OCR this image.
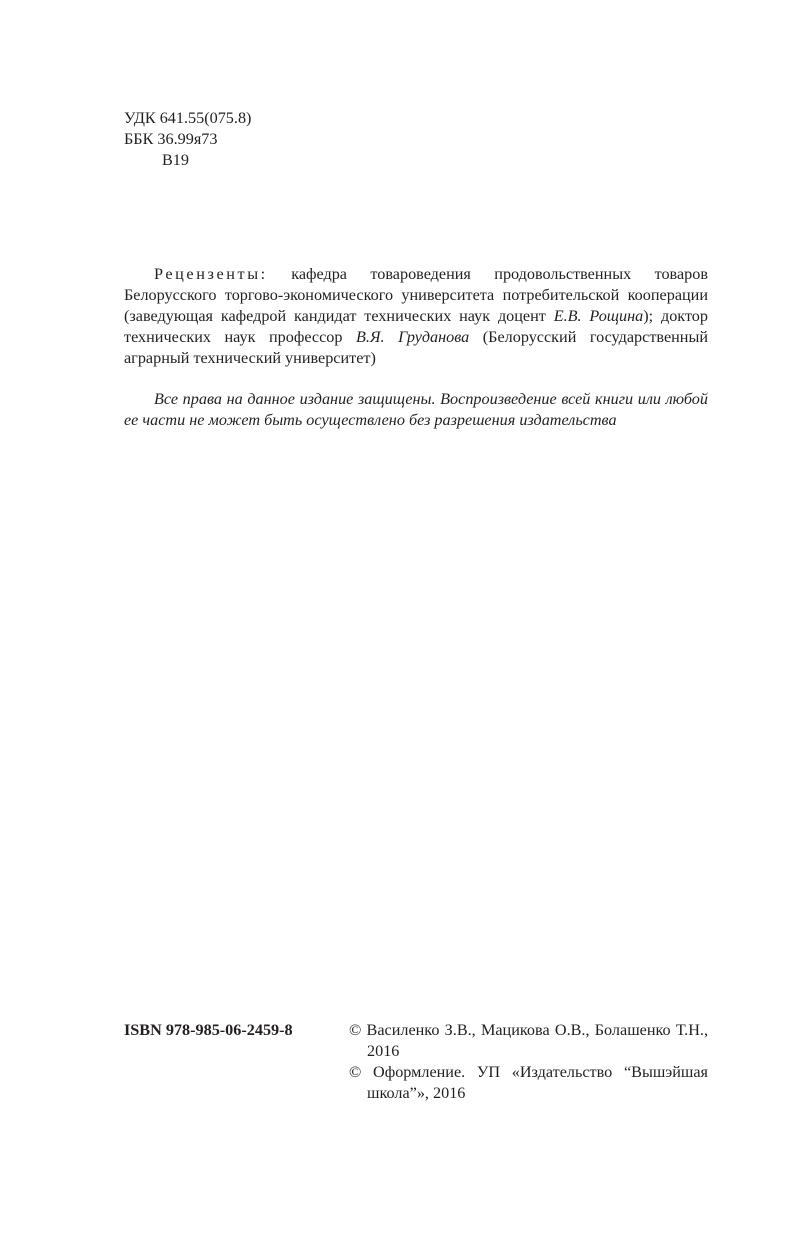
УДК 641.55(075.8)
ББК 36.99я73
В19

Рецензенты: кафедра товароведения продовольственных товаров Белорусского торгово-экономического университета потребительской кооперации (заведующая кафедрой кандидат технических наук доцент Е.В. Рощина); доктор технических наук профессор В.Я. Груданова (Белорусский государственный аграрный технический университет)

Все права на данное издание защищены. Воспроизведение всей книги или любой ее части не может быть осуществлено без разрешения издательства

ISBN 978-985-06-2459-8	© Василенко З.В., Мацикова О.В., Болашенко Т.Н., 2016
© Оформление. УП «Издательство “Вышэйшая школа”», 2016
